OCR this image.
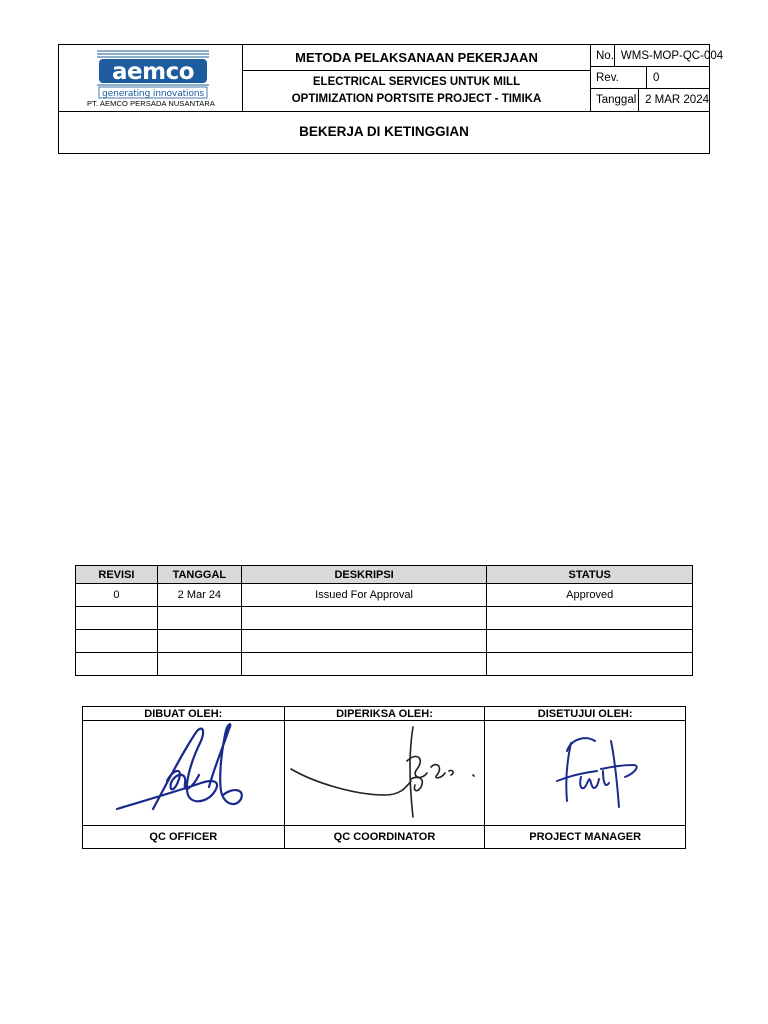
aemco
generating innovations
PT. AEMCO PERSADA NUSANTARA
METODA PELAKSANAAN PEKERJAAN
ELECTRICAL SERVICES UNTUK MILL
OPTIMIZATION PORTSITE PROJECT - TIMIKA
No. WMS-MOP-QC-004
Rev.	0
Tanggal 2 MAR 2024
BEKERJA DI KETINGGIAN
REVISI	TANGGAL	DESKRIPSI	STATUS
0	2 Mar 24	Issued For Approval	Approved

DIBUAT OLEH:	DIPERIKSA OLEH:	DISETUJUI OLEH:

QC OFFICER	QC COORDINATOR	PROJECT MANAGER
